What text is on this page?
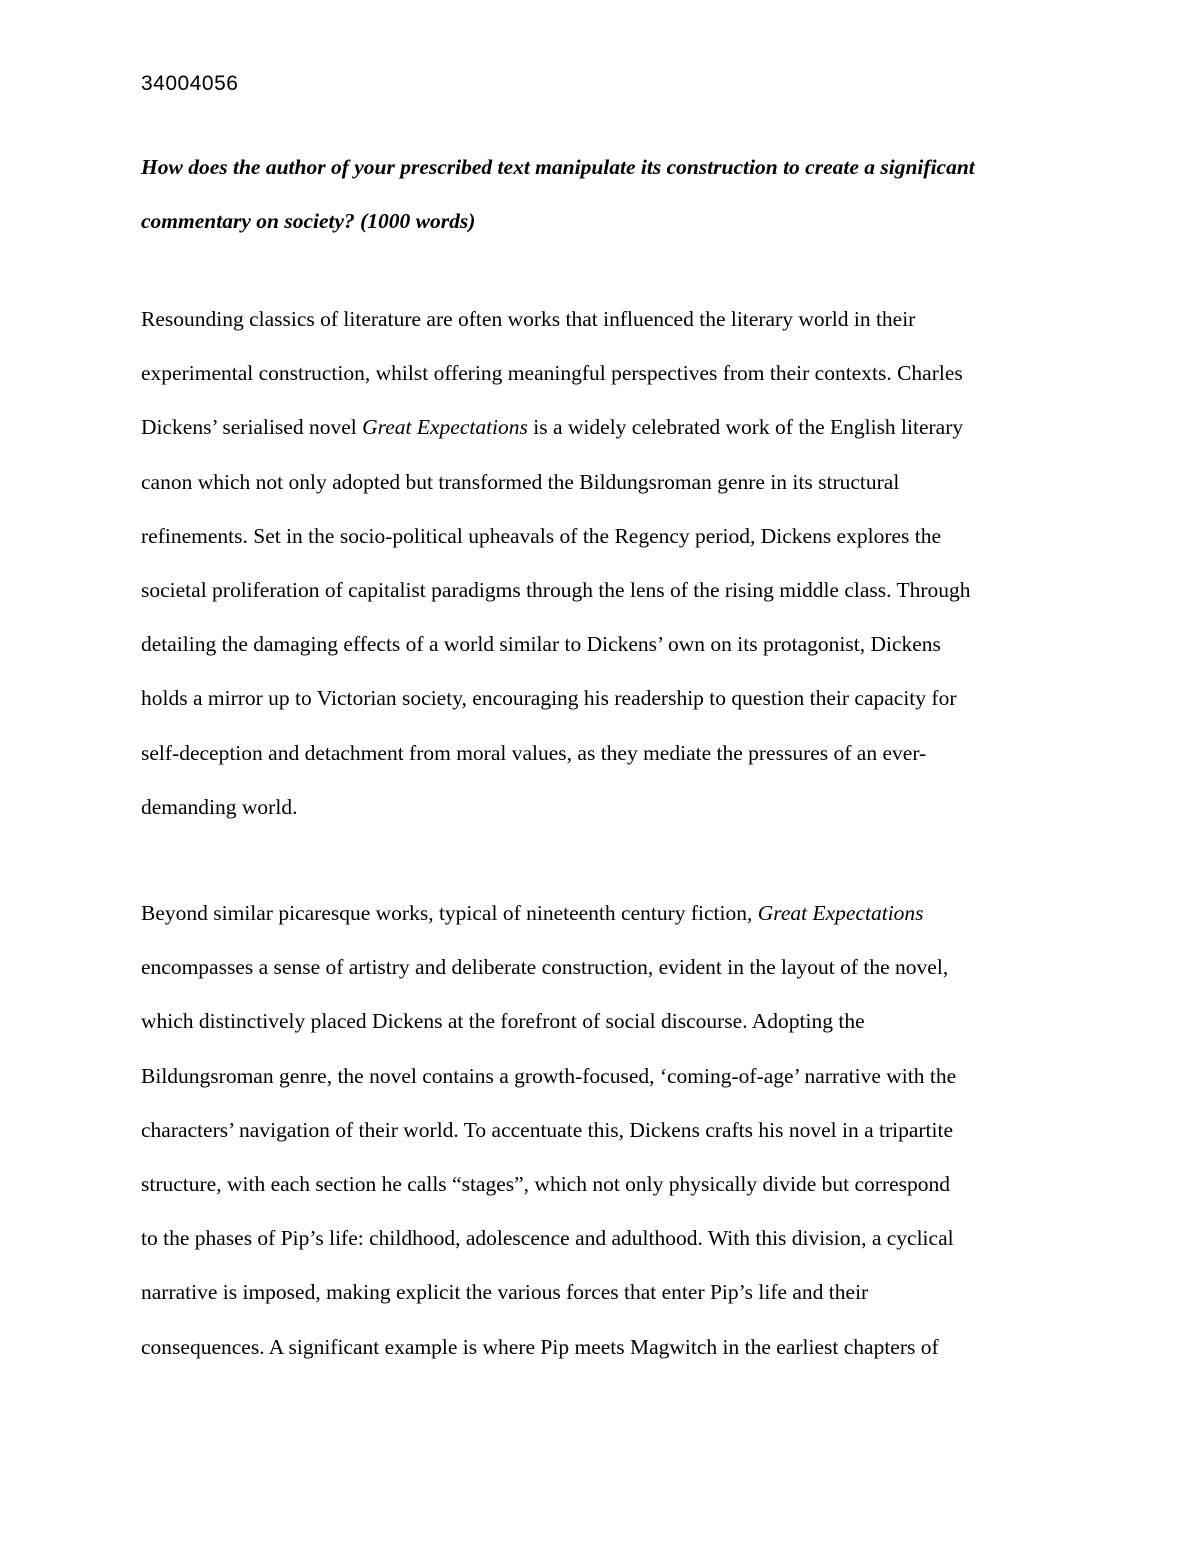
34004056
How does the author of your prescribed text manipulate its construction to create a significant
commentary on society? (1000 words)
Resounding classics of literature are often works that influenced the literary world in their
experimental construction, whilst offering meaningful perspectives from their contexts. Charles
Dickens’ serialised novel Great Expectations is a widely celebrated work of the English literary
canon which not only adopted but transformed the Bildungsroman genre in its structural
refinements. Set in the socio-political upheavals of the Regency period, Dickens explores the
societal proliferation of capitalist paradigms through the lens of the rising middle class. Through
detailing the damaging effects of a world similar to Dickens’ own on its protagonist, Dickens
holds a mirror up to Victorian society, encouraging his readership to question their capacity for
self-deception and detachment from moral values, as they mediate the pressures of an ever-
demanding world.
Beyond similar picaresque works, typical of nineteenth century fiction, Great Expectations
encompasses a sense of artistry and deliberate construction, evident in the layout of the novel,
which distinctively placed Dickens at the forefront of social discourse. Adopting the
Bildungsroman genre, the novel contains a growth-focused, ‘coming-of-age’ narrative with the
characters’ navigation of their world. To accentuate this, Dickens crafts his novel in a tripartite
structure, with each section he calls “stages”, which not only physically divide but correspond
to the phases of Pip’s life: childhood, adolescence and adulthood. With this division, a cyclical
narrative is imposed, making explicit the various forces that enter Pip’s life and their
consequences. A significant example is where Pip meets Magwitch in the earliest chapters of
